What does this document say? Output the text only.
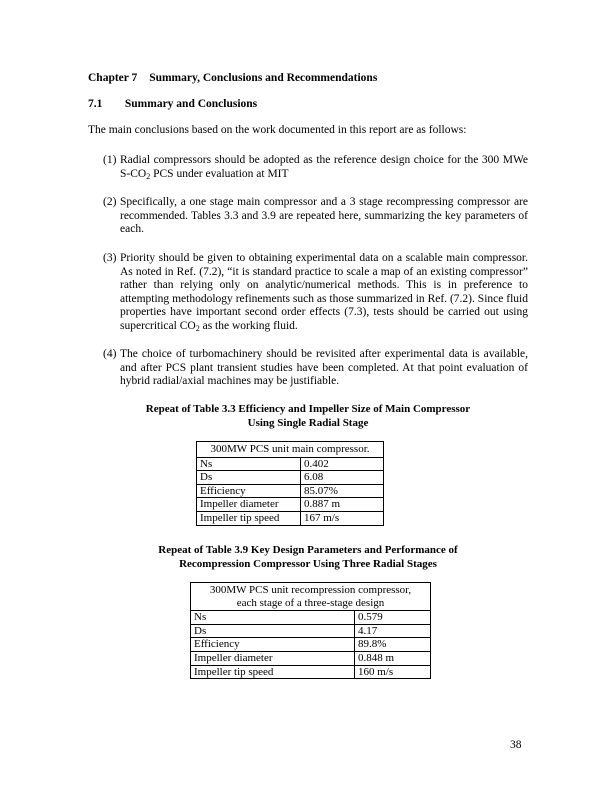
Chapter 7 Summary, Conclusions and Recommendations
7.1 Summary and Conclusions
The main conclusions based on the work documented in this report are as follows:
(1) Radial compressors should be adopted as the reference design choice for the 300 MWe $S-CO_2$ PCS under evaluation at MIT
(2) Specifically, a one stage main compressor and a 3 stage recompressing compressor are recommended. Tables 3.3 and 3.9 are repeated here, summarizing the key parameters of each.
(3) Priority should be given to obtaining experimental data on a scalable main compressor. As noted in Ref. (7.2), “it is standard practice to scale a map of an existing compressor” rather than relying only on analytic/numerical methods. This is in preference to attempting methodology refinements such as those summarized in Ref. (7.2). Since fluid properties have important second order effects (7.3), tests should be carried out using supercritical $CO_2$ as the working fluid.
(4) The choice of turbomachinery should be revisited after experimental data is available, and after PCS plant transient studies have been completed. At that point evaluation of hybrid radial/axial machines may be justifiable.
Repeat of Table 3.3 Efficiency and Impeller Size of Main Compressor
Using Single Radial Stage
300MW PCS unit main compressor.
Ns	0.402
Ds	6.08
Efficiency	85.07%
Impeller diameter	0.887 m
Impeller tip speed	167 m/s
Repeat of Table 3.9 Key Design Parameters and Performance of
Recompression Compressor Using Three Radial Stages
300MW PCS unit recompression compressor,
each stage of a three-stage design

Ns	0.579
Ds	4.17
Efficiency	89.8%
Impeller diameter	0.848 m
Impeller tip speed	160 m/s
38
